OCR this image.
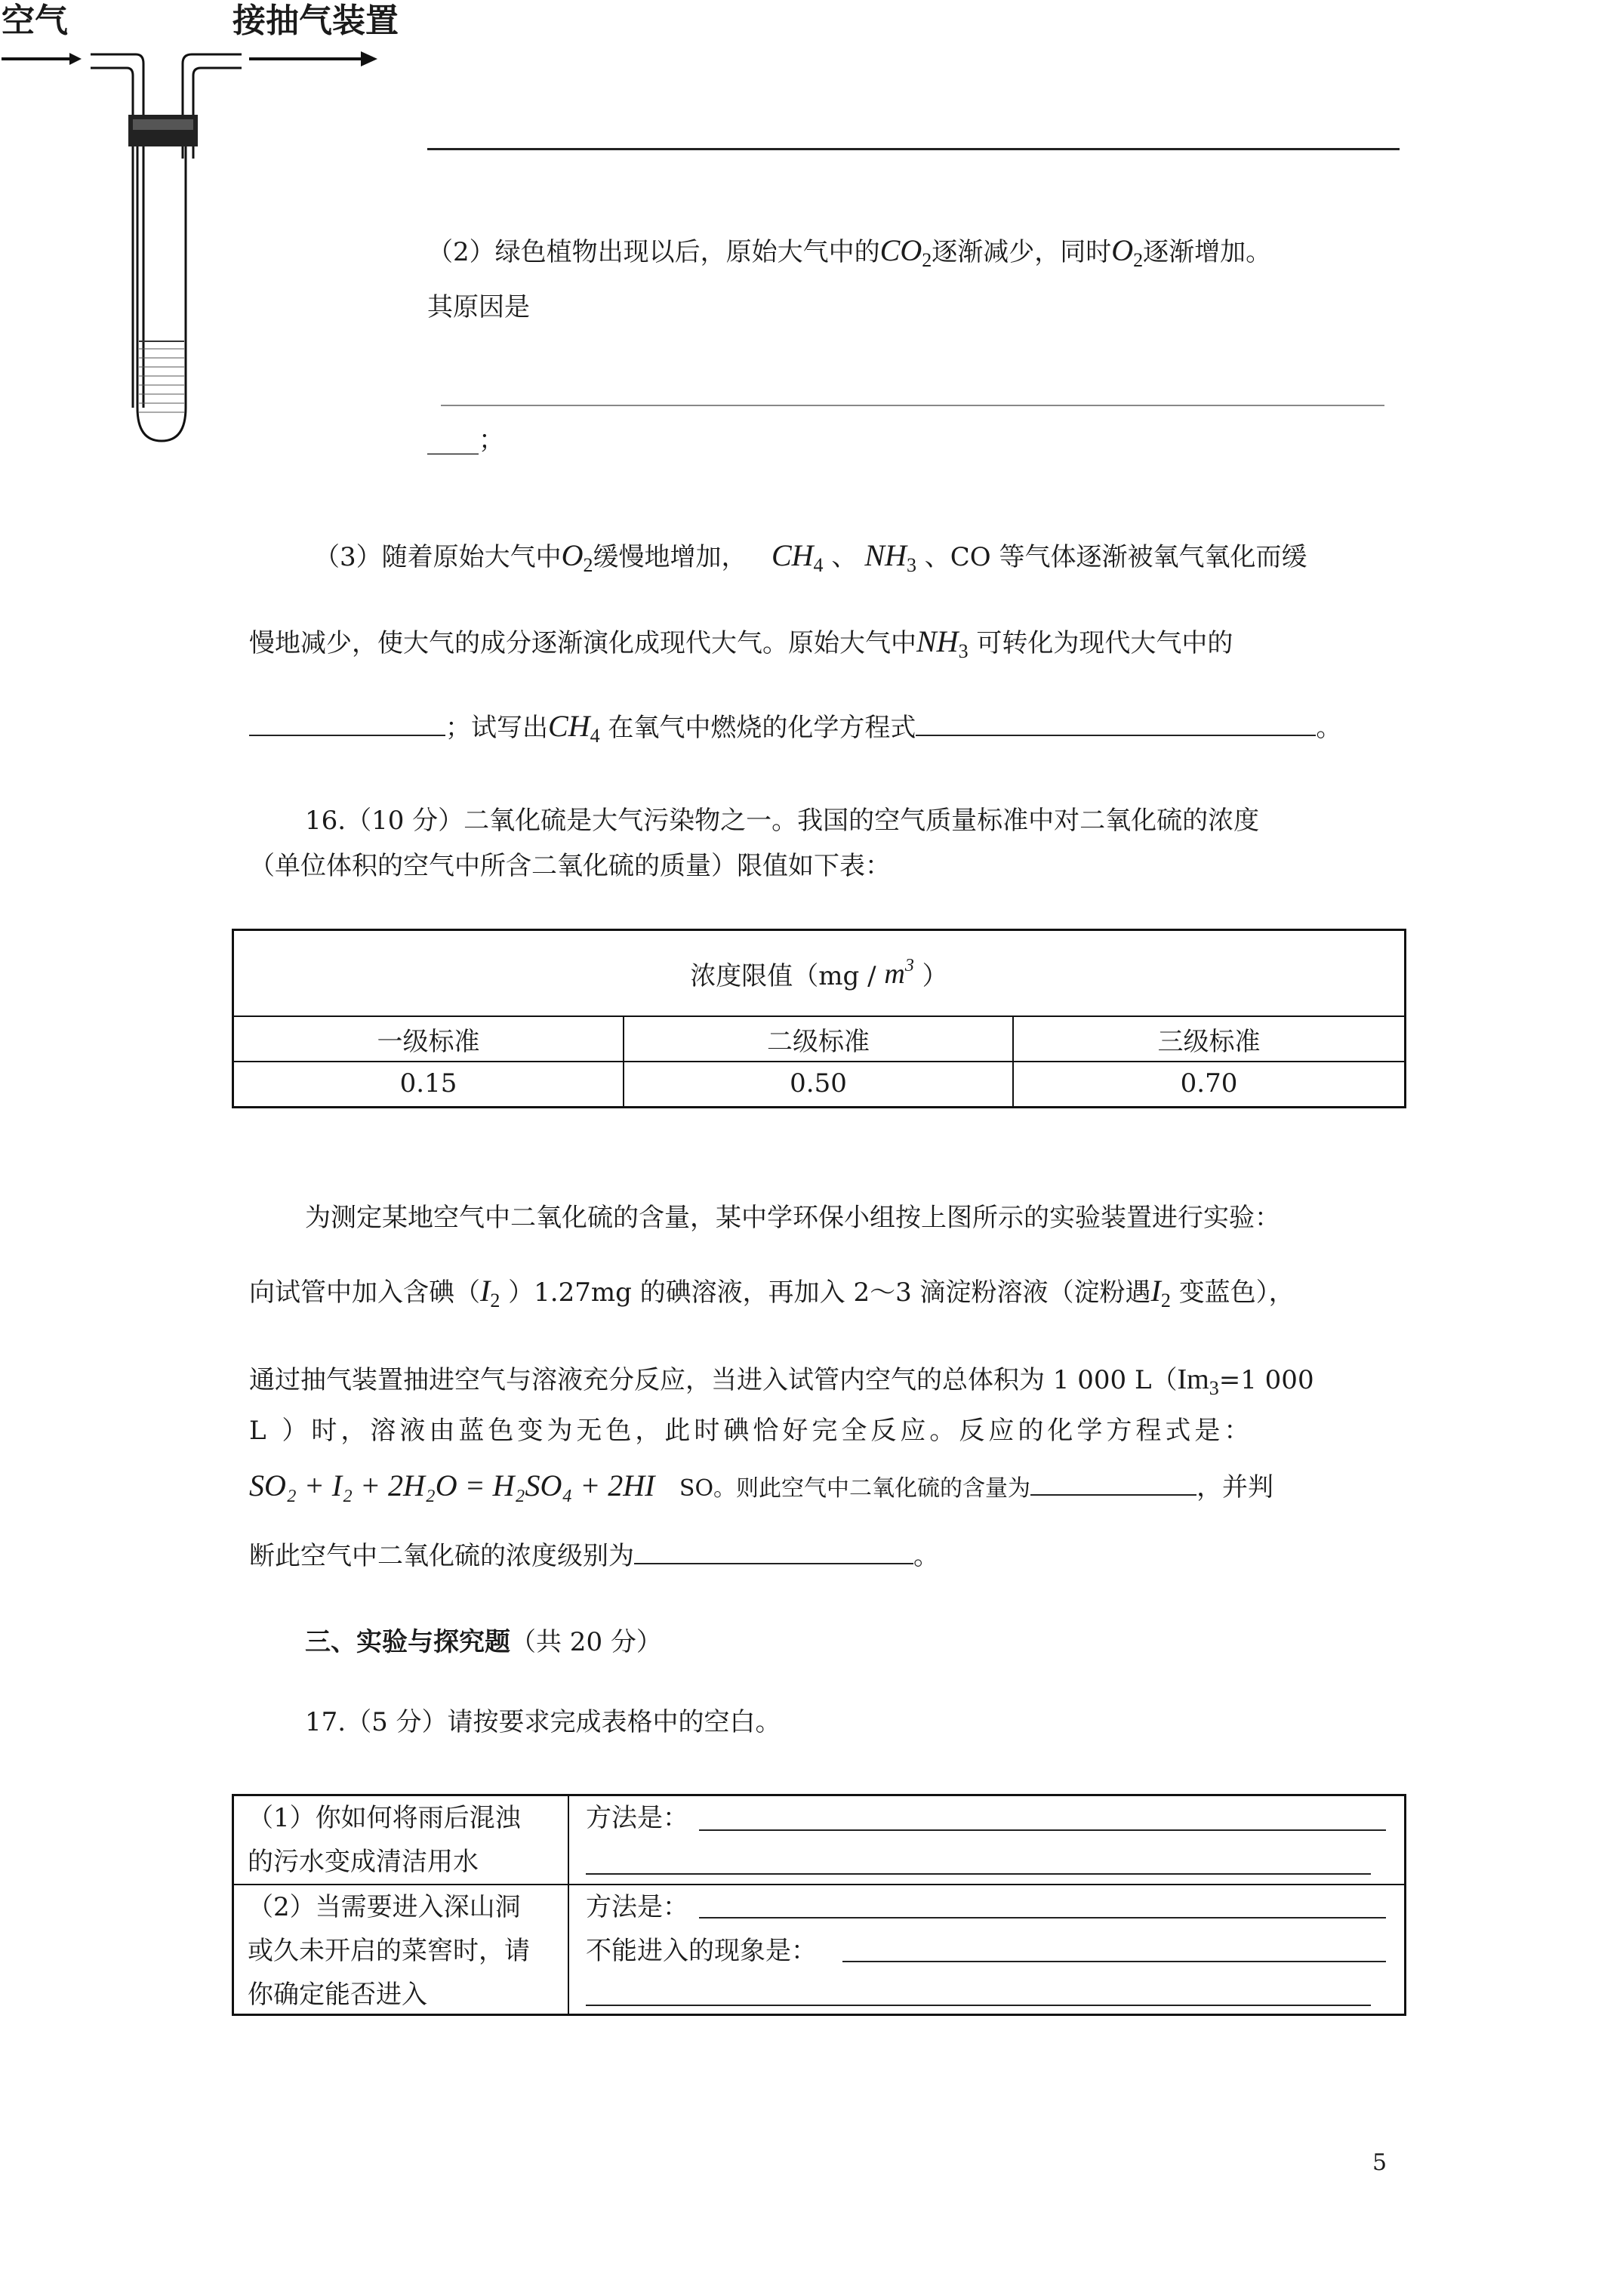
空气	接抽气装置
（2）绿色植物出现以后，原始大气中的$CO_2$逐渐减少，同时$O_2$逐渐增加。
其原因是
____；
（3）随着原始大气中$O_2$缓慢地增加， $CH_4$ 、 $NH_3$ 、CO 等气体逐渐被氧气氧化而缓
慢地减少，使大气的成分逐渐演化成现代大气。原始大气中$NH_3$ 可转化为现代大气中的
；试写出$CH_4$ 在氧气中燃烧的化学方程式	。
16.（10 分）二氧化硫是大气污染物之一。我国的空气质量标准中对二氧化硫的浓度
（单位体积的空气中所含二氧化硫的质量）限值如下表：
浓度限值（mg /
$m^3$
）
一级标准	二级标准	三级标准
0.15	0.50	0.70
为测定某地空气中二氧化硫的含量，某中学环保小组按上图所示的实验装置进行实验：
向试管中加入含碘（$I_2$ ）1.27mg 的碘溶液，再加入 2～3 滴淀粉溶液（淀粉遇$I_2$ 变蓝色），
通过抽气装置抽进空气与溶液充分反应，当进入试管内空气的总体积为 1 000 $L(Im_3=1$ 000
L ）时，溶液由蓝色变为无色，此时碘恰好完全反应。反应的化学方程式是：
SO₂ + I₂ + 2H₂O = H₂SO₄ + 2HI SO。则此空气中二氧化硫的含量为	，并判
断此空气中二氧化硫的浓度级别为	。
三、实验与探究题（共 20 分）
17.（5 分）请按要求完成表格中的空白。
（1）你如何将雨后混浊
的污水变成清洁用水
方法是：
（2）当需要进入深山洞
或久未开启的菜窖时，请
你确定能否进入
方法是：
不能进入的现象是：
5
